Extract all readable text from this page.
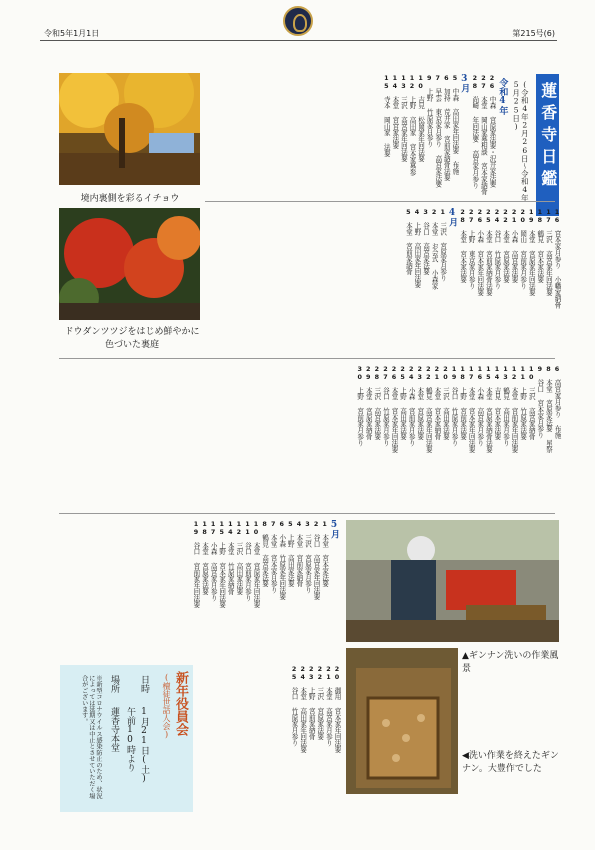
令和5年1月1日	第215号(6)
蓮香寺日鑑
(令和4年2月26日〜令和4年5月25日)
令和4年
26　中森 宮原家法要・沢井家法要
27　本堂 岡山家墓相談 宮本家納骨
28　尚崎 年回法要 高宮家月参り
3月
5　中森 高田家年回法要 布施
6　加持 荒井家 宮前家納骨法要
7　早雲 東京家月参り 高宮家法要
9　上野 竹原家月参り
10　吉見 松岡家年回法要
12　上野 高田家 宮本家墓参
13　三沢 高宮家年回法要
14　本堂 宮宮家法要
15　寺本 岡山家 法要
境内裏側を彩るイチョウ
ドウダンツツジをはじめ鮮やかに色づいた裏庭
16　宮本家月参り 小幡家納骨
17　三沢 高宮家年回法要
18　鶴見 宮本家法要
19　本堂 宮原家年回法要
20　岡山 宮前家月参り
21　小森 高宮家法要
22　本堂 宮原家法要
24　谷口 竹原家月参り
25　本堂 宮前家納骨法要
26　小森 宮本家年回法要
27　上野 東京家月参り
28　本堂 宮本家法要
4月
1　三沢 宮原家月参り
2　本堂 お会式 小森家
3　谷口 高宮家法要
4　上野 高田家年回法要
5　本堂 宮前家納骨
6　高宮家月参り 布施
8　本堂 宮原家法要 星祭
9　谷口 宮本家月参り
10　三沢 高宮家納骨
11　上野 竹原家法要
12　本堂 宮前家年回法要
13　鶴見 高田家月参り
14　吉見 宮本家法要
15　本堂 宮原家納骨法要
16　小森 高宮家月参り
17　本堂 宮本家年回法要
18　上野 宮前家法要
19　谷口 竹原家月参り
20　三沢 高田家法要
21　本堂 宮本家納骨
22　鶴見 高宮家年回法要
23　本堂 宮原家法要
24　小森 宮前家月参り
25　上野 高田家法要
26　本堂 宮本家年回法要
27　谷口 竹原家月参り
28　三沢 高宮家法要
29　本堂 宮原家納骨
30　上野 宮前家月参り
5月
1　本堂 宮本家法要
2　谷口 高宮家年回法要
3　三沢 宮原家月参り
4　本堂 宮前家納骨
5　上野 高田家法要
6　小森 竹原家年回法要
7　本堂 宮本家月参り
8　鶴見 高宮家法要
10　本堂 宮原家年回法要
11　谷口 宮前家月参り
12　三沢 高田家法要
14　本堂 竹原家納骨
15　上野 宮本家年回法要
17　小森 高宮家月参り
18　本堂 宮原家法要
19　谷口 宮前家年回法要
▲ギンナン洗いの作業風景
◀洗い作業を終えたギンナン。大豊作でした
20　御用 宮本家年回法要
21　本堂 高宮家月参り
22　三沢 宮原家法要
23　上野 宮前家納骨
24　本堂 高田家年回法要
25　谷口 竹原家月参り
新年役員会
(檀徒世話人会)
日時
1月21日(土)
午前10時より
場所
蓮香寺本堂
※新型コロナウイルス感染防止のため、状況によっては延期又は中止とさせていただく場合がございます。
